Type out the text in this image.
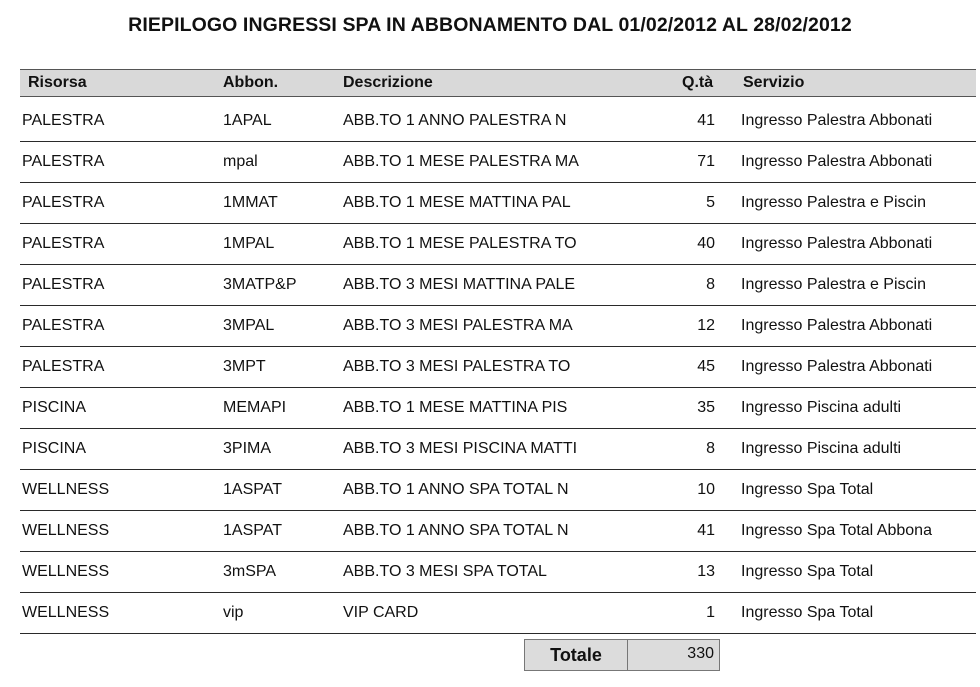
RIEPILOGO INGRESSI SPA IN ABBONAMENTO DAL 01/02/2012 AL 28/02/2012
Risorsa	Abbon.	Descrizione	Q.tà Servizio
PALESTRA	1APAL	ABB.TO 1 ANNO PALESTRA N	41 Ingresso Palestra Abbonati
PALESTRA	mpal	ABB.TO 1 MESE PALESTRA MA	71 Ingresso Palestra Abbonati
PALESTRA	1MMAT	ABB.TO 1 MESE MATTINA PAL	5 Ingresso Palestra e Piscin
PALESTRA	1MPAL	ABB.TO 1 MESE PALESTRA TO	40 Ingresso Palestra Abbonati
PALESTRA	3MATP&P	ABB.TO 3 MESI MATTINA PALE	8 Ingresso Palestra e Piscin
PALESTRA	3MPAL	ABB.TO 3 MESI PALESTRA MA	12 Ingresso Palestra Abbonati
PALESTRA	3MPT	ABB.TO 3 MESI PALESTRA TO	45 Ingresso Palestra Abbonati
PISCINA	MEMAPI	ABB.TO 1 MESE MATTINA PIS	35 Ingresso Piscina adulti
PISCINA	3PIMA	ABB.TO 3 MESI PISCINA MATTI	8 Ingresso Piscina adulti
WELLNESS	1ASPAT	ABB.TO 1 ANNO SPA TOTAL N	10 Ingresso Spa Total
WELLNESS	1ASPAT	ABB.TO 1 ANNO SPA TOTAL N	41 Ingresso Spa Total Abbona
WELLNESS	3mSPA	ABB.TO 3 MESI SPA TOTAL	13 Ingresso Spa Total
WELLNESS	vip	VIP CARD	1 Ingresso Spa Total
Totale	330
